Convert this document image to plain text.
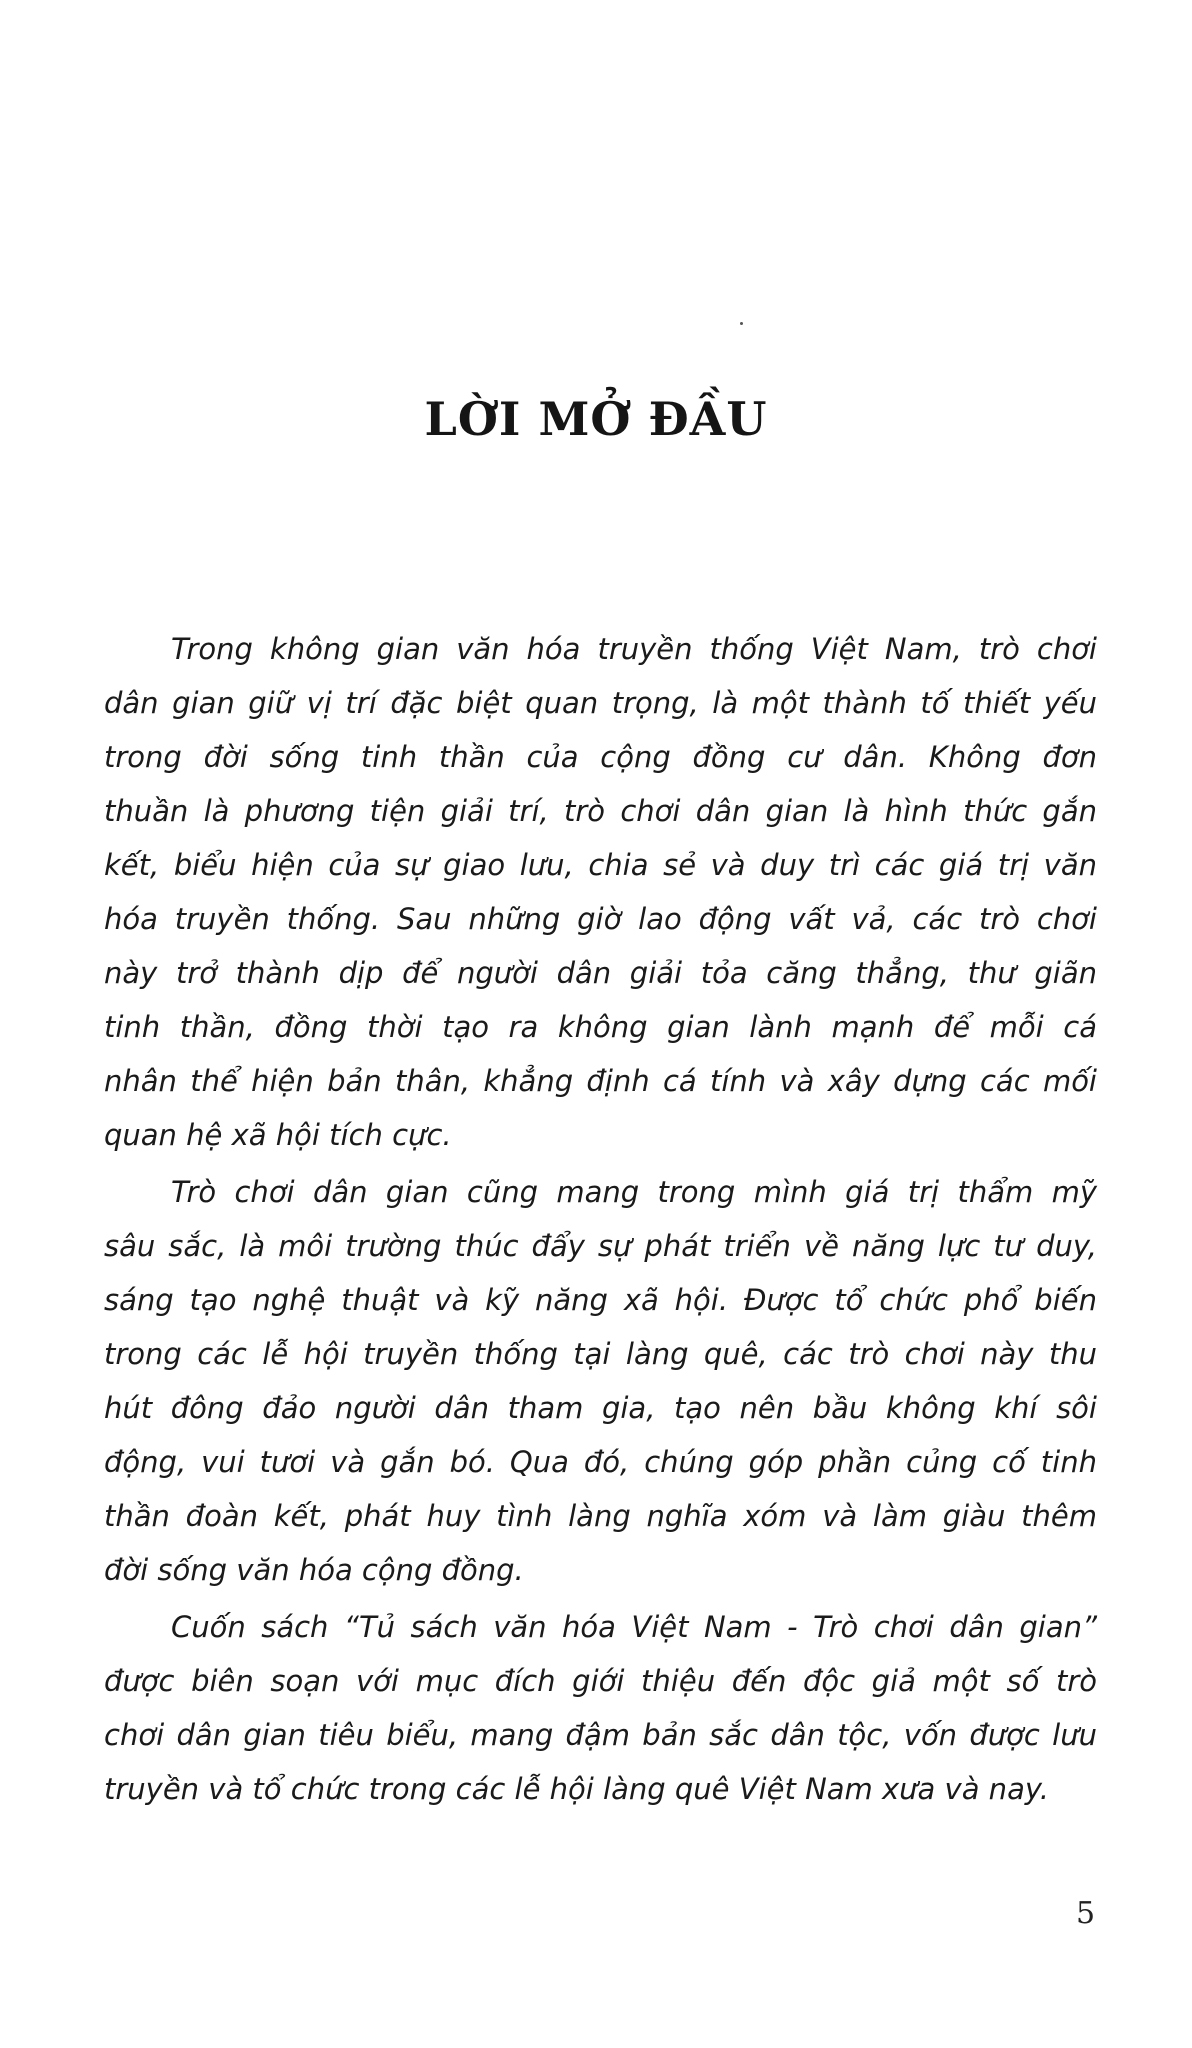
LỜI MỞ ĐẦU
Trong không gian văn hóa truyền thống Việt Nam, trò chơi
dân gian giữ vị trí đặc biệt quan trọng, là một thành tố thiết yếu
trong đời sống tinh thần của cộng đồng cư dân. Không đơn
thuần là phương tiện giải trí, trò chơi dân gian là hình thức gắn
kết, biểu hiện của sự giao lưu, chia sẻ và duy trì các giá trị văn
hóa truyền thống. Sau những giờ lao động vất vả, các trò chơi
này trở thành dịp để người dân giải tỏa căng thẳng, thư giãn
tinh thần, đồng thời tạo ra không gian lành mạnh để mỗi cá
nhân thể hiện bản thân, khẳng định cá tính và xây dựng các mối
quan hệ xã hội tích cực.
Trò chơi dân gian cũng mang trong mình giá trị thẩm mỹ
sâu sắc, là môi trường thúc đẩy sự phát triển về năng lực tư duy,
sáng tạo nghệ thuật và kỹ năng xã hội. Được tổ chức phổ biến
trong các lễ hội truyền thống tại làng quê, các trò chơi này thu
hút đông đảo người dân tham gia, tạo nên bầu không khí sôi
động, vui tươi và gắn bó. Qua đó, chúng góp phần củng cố tinh
thần đoàn kết, phát huy tình làng nghĩa xóm và làm giàu thêm
đời sống văn hóa cộng đồng.
Cuốn sách “Tủ sách văn hóa Việt Nam - Trò chơi dân gian”
được biên soạn với mục đích giới thiệu đến độc giả một số trò
chơi dân gian tiêu biểu, mang đậm bản sắc dân tộc, vốn được lưu
truyền và tổ chức trong các lễ hội làng quê Việt Nam xưa và nay.
5
